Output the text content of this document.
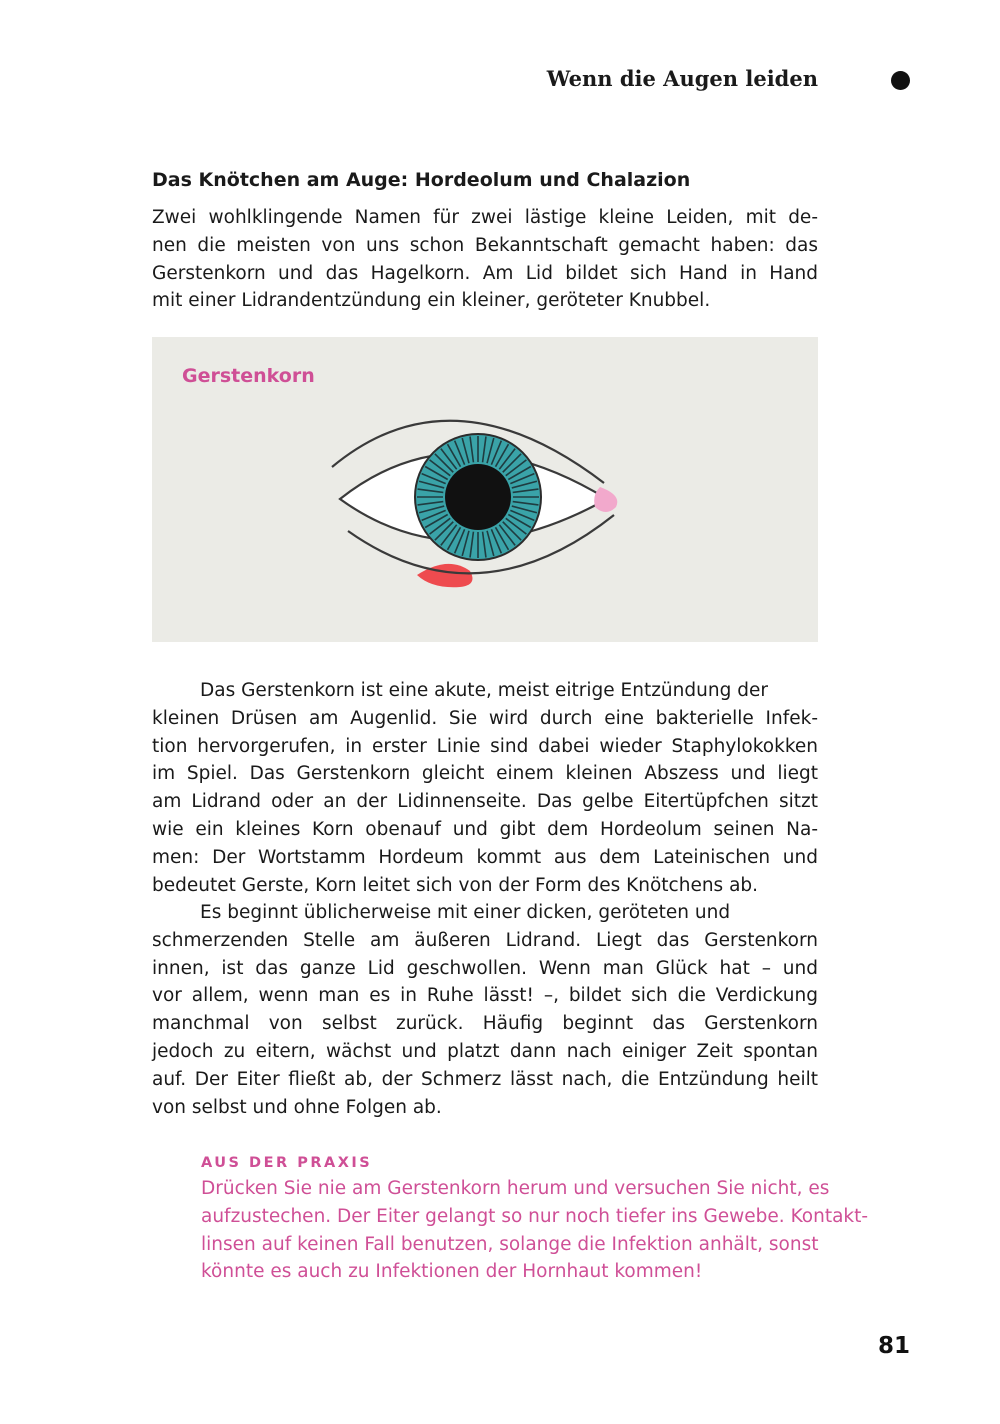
Wenn die Augen leiden
Das Knötchen am Auge: Hordeolum und Chalazion
Zwei wohlklingende Namen für zwei lästige kleine Leiden, mit de-
nen die meisten von uns schon Bekanntschaft gemacht haben: das
Gerstenkorn und das Hagelkorn. Am Lid bildet sich Hand in Hand
mit einer Lidrandentzündung ein kleiner, geröteter Knubbel.
Gerstenkorn
Das Gerstenkorn ist eine akute, meist eitrige Entzündung der
kleinen Drüsen am Augenlid. Sie wird durch eine bakterielle Infek-
tion hervorgerufen, in erster Linie sind dabei wieder Staphylokokken
im Spiel. Das Gerstenkorn gleicht einem kleinen Abszess und liegt
am Lidrand oder an der Lidinnenseite. Das gelbe Eitertüpfchen sitzt
wie ein kleines Korn obenauf und gibt dem Hordeolum seinen Na-
men: Der Wortstamm Hordeum kommt aus dem Lateinischen und
bedeutet Gerste, Korn leitet sich von der Form des Knötchens ab.
Es beginnt üblicherweise mit einer dicken, geröteten und
schmerzenden Stelle am äußeren Lidrand. Liegt das Gerstenkorn
innen, ist das ganze Lid geschwollen. Wenn man Glück hat – und
vor allem, wenn man es in Ruhe lässt! –, bildet sich die Verdickung
manchmal von selbst zurück. Häufig beginnt das Gerstenkorn
jedoch zu eitern, wächst und platzt dann nach einiger Zeit spontan
auf. Der Eiter fließt ab, der Schmerz lässt nach, die Entzündung heilt
von selbst und ohne Folgen ab.
AUS DER PRAXIS
Drücken Sie nie am Gerstenkorn herum und versuchen Sie nicht, es
aufzustechen. Der Eiter gelangt so nur noch tiefer ins Gewebe. Kontakt-
linsen auf keinen Fall benutzen, solange die Infektion anhält, sonst
könnte es auch zu Infektionen der Hornhaut kommen!
81
